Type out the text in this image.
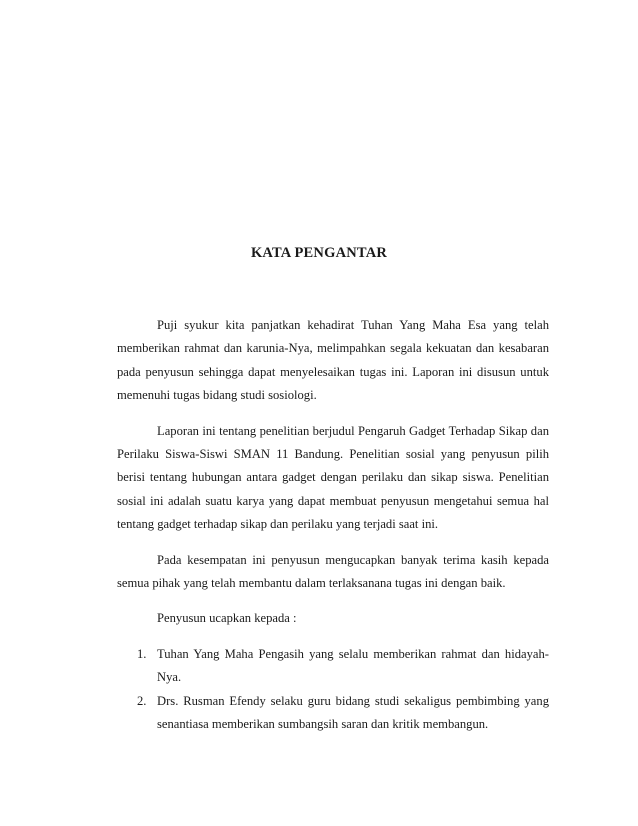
KATA PENGANTAR

Puji syukur kita panjatkan kehadirat Tuhan Yang Maha Esa yang telah memberikan rahmat dan karunia-Nya, melimpahkan segala kekuatan dan kesabaran pada penyusun sehingga dapat menyelesaikan tugas ini. Laporan ini disusun untuk memenuhi tugas bidang studi sosiologi.

Laporan ini tentang penelitian berjudul Pengaruh Gadget Terhadap Sikap dan Perilaku Siswa-Siswi SMAN 11 Bandung. Penelitian sosial yang penyusun pilih berisi tentang hubungan antara gadget dengan perilaku dan sikap siswa. Penelitian sosial ini adalah suatu karya yang dapat membuat penyusun mengetahui semua hal tentang gadget terhadap sikap dan perilaku yang terjadi saat ini.

Pada kesempatan ini penyusun mengucapkan banyak terima kasih kepada semua pihak yang telah membantu dalam terlaksanana tugas ini dengan baik.

Penyusun ucapkan kepada :

1. Tuhan Yang Maha Pengasih yang selalu memberikan rahmat dan hidayah-Nya.
2. Drs. Rusman Efendy selaku guru bidang studi sekaligus pembimbing yang senantiasa memberikan sumbangsih saran dan kritik membangun.
